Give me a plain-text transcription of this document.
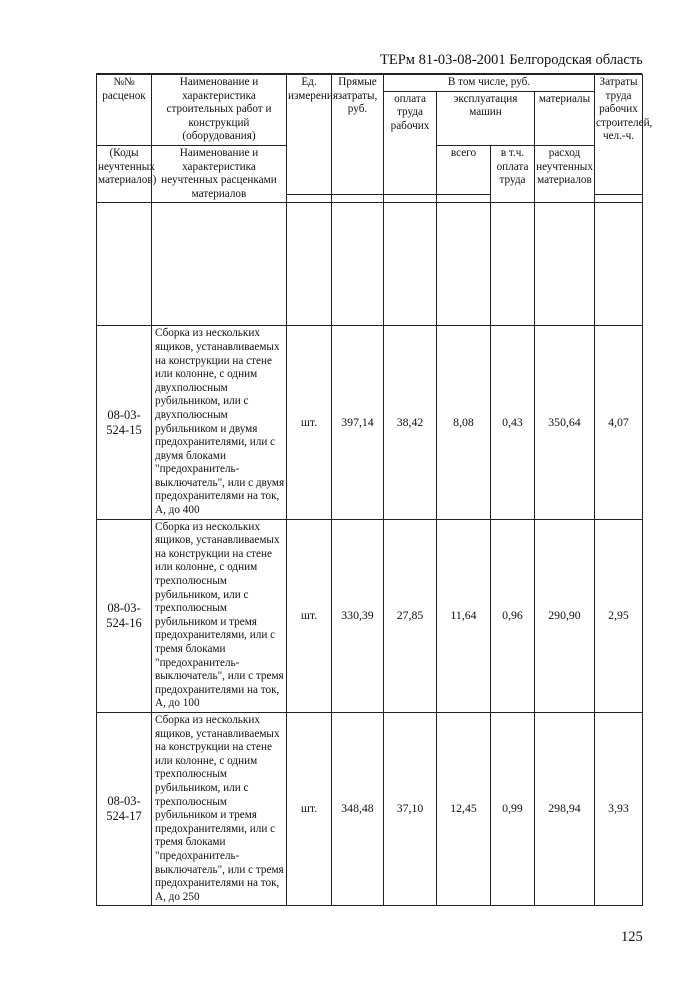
ТЕРм 81-03-08-2001 Белгородская область
№№ расценок	Наименование и характеристика строительных работ и конструкций (оборудования)	Ед. измерения	Прямые затраты, руб.	В том числе, руб.				Затраты труда рабочих строителей, чел.-ч.
				оплата труда рабочих	эксплуатация машин		материалы	
(Коды неучтенных материалов)	Наименование и характеристика неучтенных расценками материалов				всего	в т.ч. оплата труда	расход неучтенных материалов	

08-03-524-15	Сборка из нескольких ящиков, устанавливаемых на конструкции на стене или колонне, с одним двухполюсным рубильником, или с двухполюсным рубильником и двумя предохранителями, или с двумя блоками "предохранитель-выключатель", или с двумя предохранителями на ток, А, до 400	шт.	397,14	38,42	8,08	0,43	350,64	4,07
08-03-524-16	Сборка из нескольких ящиков, устанавливаемых на конструкции на стене или колонне, с одним трехполюсным рубильником, или с трехполюсным рубильником и тремя предохранителями, или с тремя блоками "предохранитель-выключатель", или с тремя предохранителями на ток, А, до 100	шт.	330,39	27,85	11,64	0,96	290,90	2,95
08-03-524-17	Сборка из нескольких ящиков, устанавливаемых на конструкции на стене или колонне, с одним трехполюсным рубильником, или с трехполюсным рубильником и тремя предохранителями, или с тремя блоками "предохранитель-выключатель", или с тремя предохранителями на ток, А, до 250	шт.	348,48	37,10	12,45	0,99	298,94	3,93
125
